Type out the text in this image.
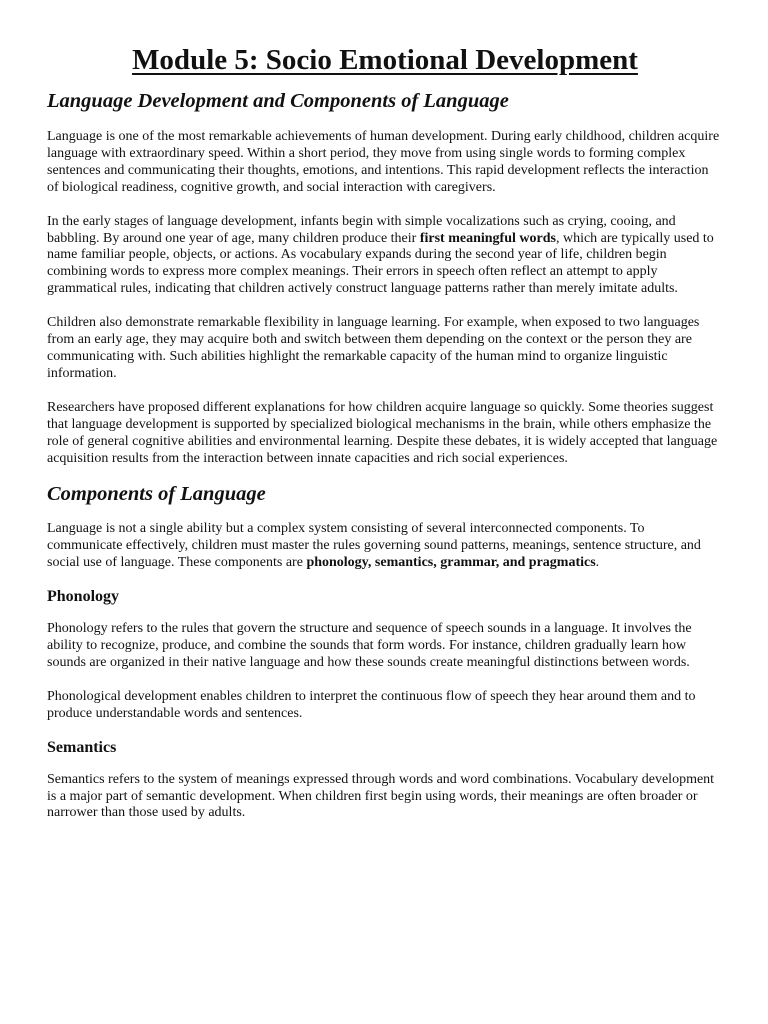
Module 5: Socio Emotional Development
Language Development and Components of Language

Language is one of the most remarkable achievements of human development. During early childhood, children acquire language with extraordinary speed. Within a short period, they move from using single words to forming complex sentences and communicating their thoughts, emotions, and intentions. This rapid development reflects the interaction of biological readiness, cognitive growth, and social interaction with caregivers.

In the early stages of language development, infants begin with simple vocalizations such as crying, cooing, and babbling. By around one year of age, many children produce their first meaningful words, which are typically used to name familiar people, objects, or actions. As vocabulary expands during the second year of life, children begin combining words to express more complex meanings. Their errors in speech often reflect an attempt to apply grammatical rules, indicating that children actively construct language patterns rather than merely imitate adults.

Children also demonstrate remarkable flexibility in language learning. For example, when exposed to two languages from an early age, they may acquire both and switch between them depending on the context or the person they are communicating with. Such abilities highlight the remarkable capacity of the human mind to organize linguistic information.

Researchers have proposed different explanations for how children acquire language so quickly. Some theories suggest that language development is supported by specialized biological mechanisms in the brain, while others emphasize the role of general cognitive abilities and environmental learning. Despite these debates, it is widely accepted that language acquisition results from the interaction between innate capacities and rich social experiences.

Components of Language

Language is not a single ability but a complex system consisting of several interconnected components. To communicate effectively, children must master the rules governing sound patterns, meanings, sentence structure, and social use of language. These components are phonology, semantics, grammar, and pragmatics.

Phonology

Phonology refers to the rules that govern the structure and sequence of speech sounds in a language. It involves the ability to recognize, produce, and combine the sounds that form words. For instance, children gradually learn how sounds are organized in their native language and how these sounds create meaningful distinctions between words.

Phonological development enables children to interpret the continuous flow of speech they hear around them and to produce understandable words and sentences.

Semantics

Semantics refers to the system of meanings expressed through words and word combinations. Vocabulary development is a major part of semantic development. When children first begin using words, their meanings are often broader or narrower than those used by adults.
